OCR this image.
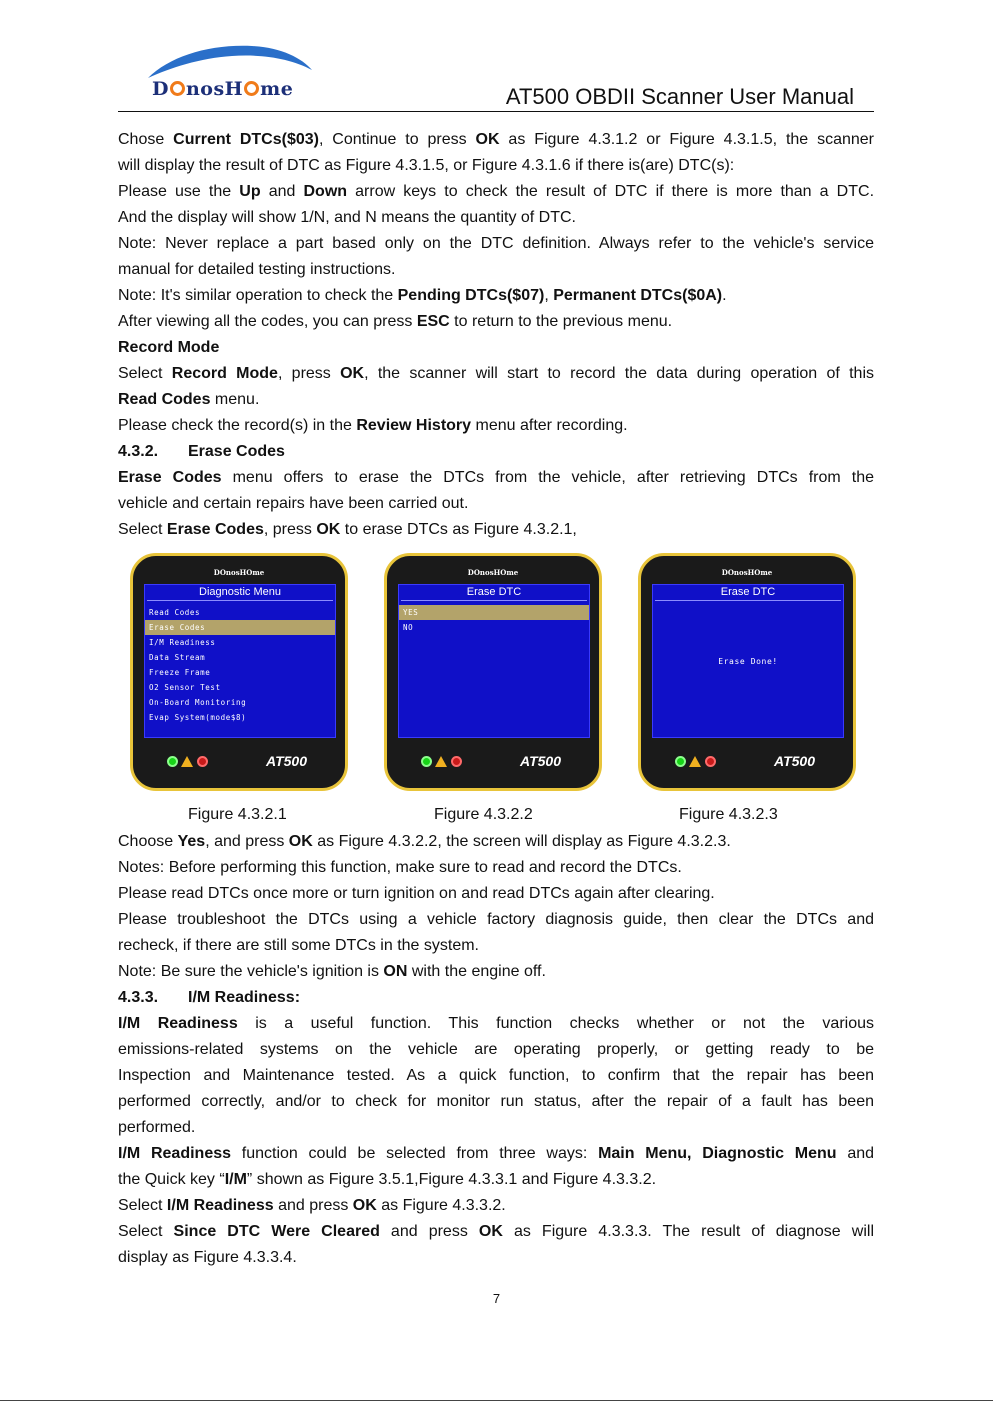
D nosH me	AT500 OBDII Scanner User Manual

Chose Current DTCs($03), Continue to press OK as Figure 4.3.1.2 or Figure 4.3.1.5, the scanner

will display the result of DTC as Figure 4.3.1.5, or Figure 4.3.1.6 if there is(are) DTC(s):

Please use the Up and Down arrow keys to check the result of DTC if there is more than a DTC.

And the display will show 1/N, and N means the quantity of DTC.

Note: Never replace a part based only on the DTC definition. Always refer to the vehicle's service

manual for detailed testing instructions.

Note: It's similar operation to check the Pending DTCs($07), Permanent DTCs($0A).

After viewing all the codes, you can press ESC to return to the previous menu.

Record Mode

Select Record Mode, press OK, the scanner will start to record the data during operation of this

Read Codes menu.

Please check the record(s) in the Review History menu after recording.

4.3.2. Erase Codes

Erase Codes menu offers to erase the DTCs from the vehicle, after retrieving DTCs from the

vehicle and certain repairs have been carried out.

Select Erase Codes, press OK to erase DTCs as Figure 4.3.2.1,

DOnosHOme
Diagnostic Menu
Read Codes
Erase Codes
I/M Readiness
Data Stream
Freeze Frame
O2 Sensor Test
On-Board Monitoring
Evap System(mode$8)
AT500
Figure 4.3.2.1
DOnosHOme
Erase DTC
YES
NO
AT500
Figure 4.3.2.2
DOnosHOme
Erase DTC
Erase Done!
AT500
Figure 4.3.2.3

Choose Yes, and press OK as Figure 4.3.2.2, the screen will display as Figure 4.3.2.3.

Notes: Before performing this function, make sure to read and record the DTCs.

Please read DTCs once more or turn ignition on and read DTCs again after clearing.

Please troubleshoot the DTCs using a vehicle factory diagnosis guide, then clear the DTCs and

recheck, if there are still some DTCs in the system.

Note: Be sure the vehicle's ignition is ON with the engine off.

4.3.3. I/M Readiness:

I/M Readiness is a useful function. This function checks whether or not the various

emissions-related systems on the vehicle are operating properly, or getting ready to be

Inspection and Maintenance tested. As a quick function, to confirm that the repair has been

performed correctly, and/or to check for monitor run status, after the repair of a fault has been

performed.

I/M Readiness function could be selected from three ways: Main Menu, Diagnostic Menu and

the Quick key “I/M” shown as Figure 3.5.1,Figure 4.3.3.1 and Figure 4.3.3.2.

Select I/M Readiness and press OK as Figure 4.3.3.2.

Select Since DTC Were Cleared and press OK as Figure 4.3.3.3. The result of diagnose will

display as Figure 4.3.3.4.

7
